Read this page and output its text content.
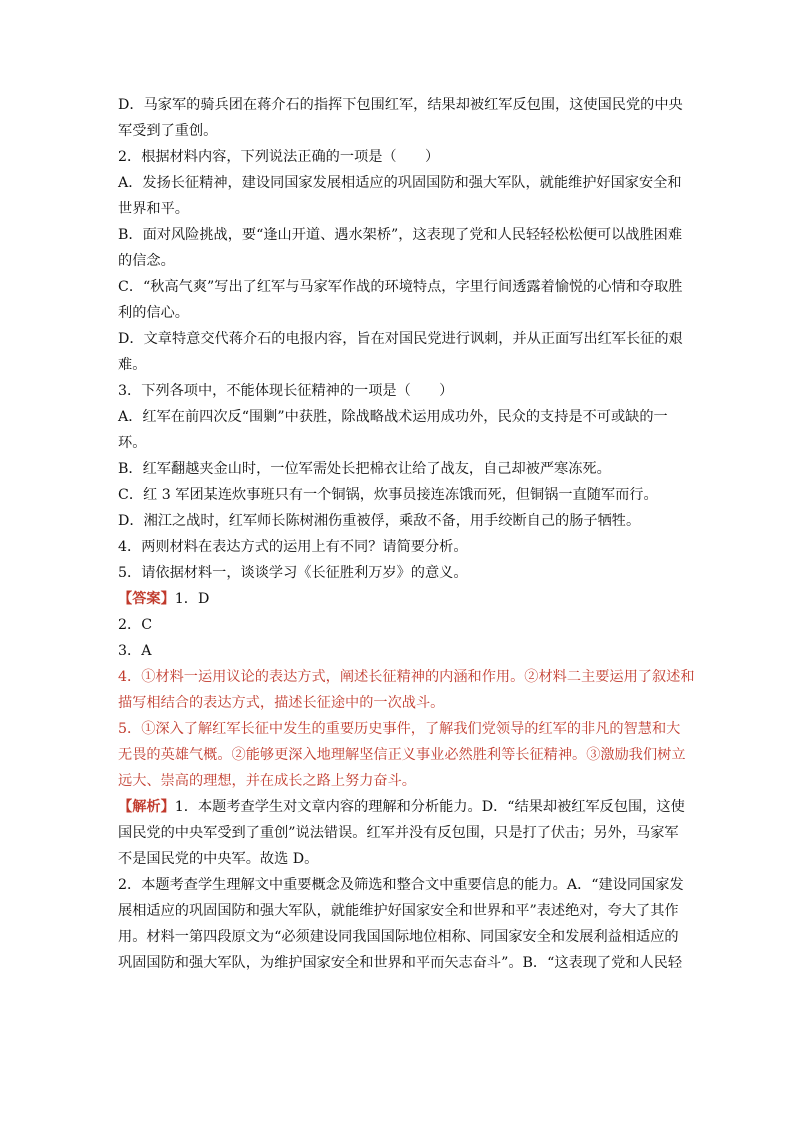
D．马家军的骑兵团在蒋介石的指挥下包围红军，结果却被红军反包围，这使国民党的中央
军受到了重创。
2．根据材料内容，下列说法正确的一项是（　　）
A．发扬长征精神，建设同国家发展相适应的巩固国防和强大军队，就能维护好国家安全和
世界和平。
B．面对风险挑战，要“逢山开道、遇水架桥”，这表现了党和人民轻轻松松便可以战胜困难
的信念。
C．“秋高气爽”写出了红军与马家军作战的环境特点，字里行间透露着愉悦的心情和夺取胜
利的信心。
D．文章特意交代蒋介石的电报内容，旨在对国民党进行讽刺，并从正面写出红军长征的艰
难。
3．下列各项中，不能体现长征精神的一项是（　　）
A．红军在前四次反“围剿”中获胜，除战略战术运用成功外，民众的支持是不可或缺的一
环。
B．红军翻越夹金山时，一位军需处长把棉衣让给了战友，自己却被严寒冻死。
C．红 3 军团某连炊事班只有一个铜锅，炊事员接连冻饿而死，但铜锅一直随军而行。
D．湘江之战时，红军师长陈树湘伤重被俘，乘敌不备，用手绞断自己的肠子牺牲。
4．两则材料在表达方式的运用上有不同？请简要分析。
5．请依据材料一，谈谈学习《长征胜利万岁》的意义。
【答案】1．D
2．C
3．A
4．①材料一运用议论的表达方式，阐述长征精神的内涵和作用。②材料二主要运用了叙述和
描写相结合的表达方式，描述长征途中的一次战斗。
5．①深入了解红军长征中发生的重要历史事件，了解我们党领导的红军的非凡的智慧和大
无畏的英雄气概。②能够更深入地理解坚信正义事业必然胜利等长征精神。③激励我们树立
远大、崇高的理想，并在成长之路上努力奋斗。
【解析】1．本题考查学生对文章内容的理解和分析能力。D．“结果却被红军反包围，这使
国民党的中央军受到了重创”说法错误。红军并没有反包围，只是打了伏击；另外，马家军
不是国民党的中央军。故选 D。
2．本题考查学生理解文中重要概念及筛选和整合文中重要信息的能力。A．“建设同国家发
展相适应的巩固国防和强大军队，就能维护好国家安全和世界和平”表述绝对，夸大了其作
用。材料一第四段原文为“必须建设同我国国际地位相称、同国家安全和发展利益相适应的
巩固国防和强大军队，为维护国家安全和世界和平而矢志奋斗”。B．“这表现了党和人民轻
